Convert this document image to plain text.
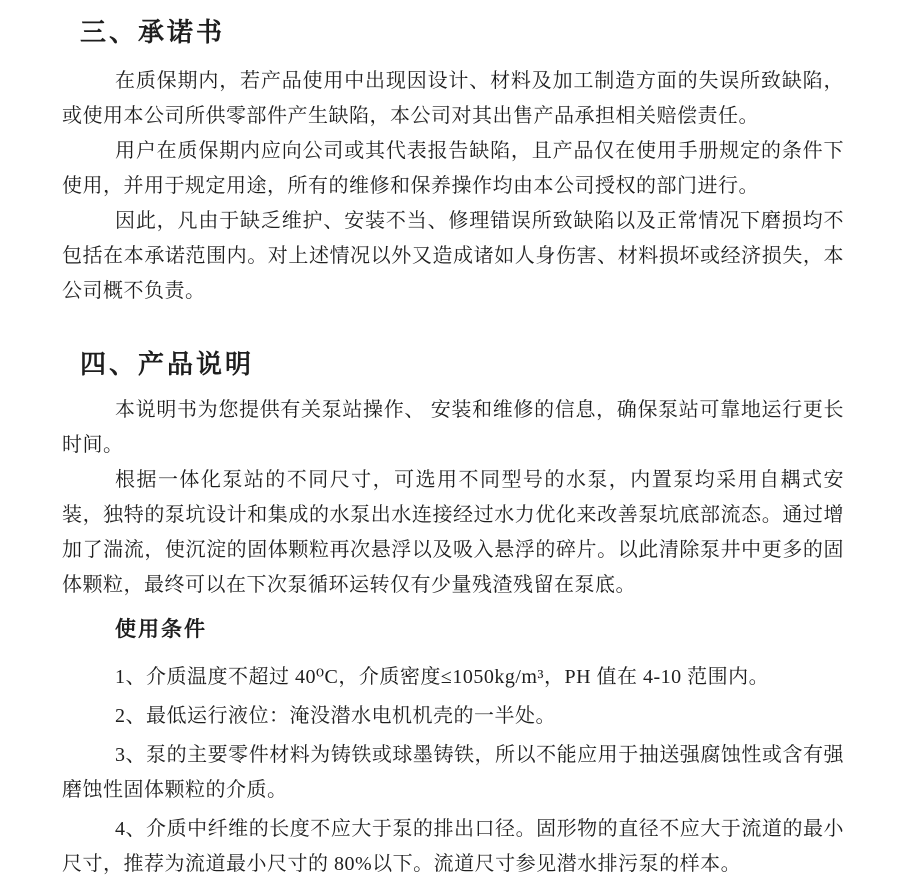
三、承诺书

在质保期内，若产品使用中出现因设计、材料及加工制造方面的失误所致缺陷，或使用本公司所供零部件产生缺陷，本公司对其出售产品承担相关赔偿责任。

用户在质保期内应向公司或其代表报告缺陷，且产品仅在使用手册规定的条件下使用，并用于规定用途，所有的维修和保养操作均由本公司授权的部门进行。

因此，凡由于缺乏维护、安装不当、修理错误所致缺陷以及正常情况下磨损均不包括在本承诺范围内。对上述情况以外又造成诸如人身伤害、材料损坏或经济损失，本公司概不负责。

四、产品说明

本说明书为您提供有关泵站操作、 安装和维修的信息，确保泵站可靠地运行更长时间。

根据一体化泵站的不同尺寸，可选用不同型号的水泵，内置泵均采用自耦式安装，独特的泵坑设计和集成的水泵出水连接经过水力优化来改善泵坑底部流态。通过增加了湍流，使沉淀的固体颗粒再次悬浮以及吸入悬浮的碎片。以此清除泵井中更多的固体颗粒，最终可以在下次泵循环运转仅有少量残渣残留在泵底。

使用条件

1、介质温度不超过 40⁰C，介质密度≤1050kg/m³，PH 值在 4-10 范围内。

2、最低运行液位：淹没潜水电机机壳的一半处。

3、泵的主要零件材料为铸铁或球墨铸铁，所以不能应用于抽送强腐蚀性或含有强磨蚀性固体颗粒的介质。

4、介质中纤维的长度不应大于泵的排出口径。固形物的直径不应大于流道的最小尺寸，推荐为流道最小尺寸的 80%以下。流道尺寸参见潜水排污泵的样本。
